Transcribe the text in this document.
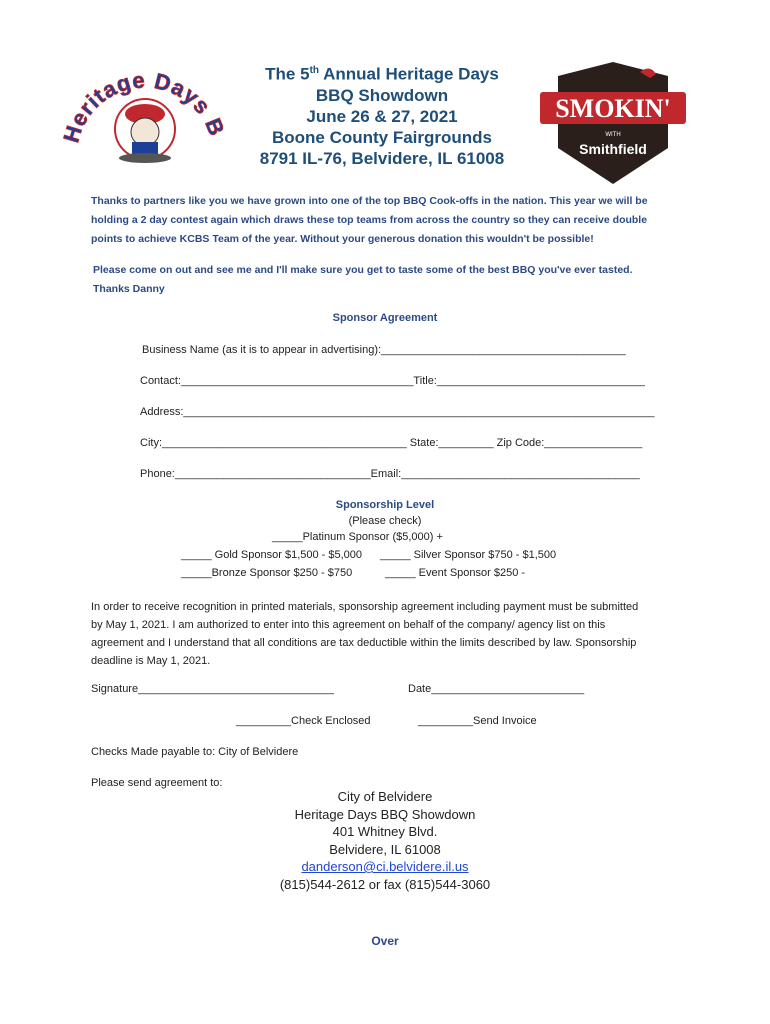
Heritage Days B
The 5th Annual Heritage Days
BBQ Showdown
June 26 & 27, 2021
Boone County Fairgrounds
8791 IL-76, Belvidere, IL 61008
SMOKIN'
WITH
Smithfield
Thanks to partners like you we have grown into one of the top BBQ Cook-offs in the nation. This year we will be
holding a 2 day contest again which draws these top teams from across the country so they can receive double
points to achieve KCBS Team of the year. Without your generous donation this wouldn't be possible!
Please come on out and see me and I'll make sure you get to taste some of the best BBQ you've ever tasted.
Thanks Danny
Sponsor Agreement
Business Name (as it is to appear in advertising):________________________________________
Contact:______________________________________Title:__________________________________
Address:_____________________________________________________________________________
City:________________________________________ State:_________ Zip Code:________________
Phone:________________________________Email:_______________________________________
Sponsorship Level
(Please check)
_____Platinum Sponsor ($5,000) +
_____ Gold Sponsor $1,500 - $5,000 _____ Silver Sponsor $750 - $1,500
_____Bronze Sponsor $250 - $750	_____ Event Sponsor $250 -
In order to receive recognition in printed materials, sponsorship agreement including payment must be submitted
by May 1, 2021. I am authorized to enter into this agreement on behalf of the company/ agency list on this
agreement and I understand that all conditions are tax deductible within the limits described by law. Sponsorship
deadline is May 1, 2021.
Signature________________________________	Date_________________________
_________Check Enclosed	_________Send Invoice
Checks Made payable to: City of Belvidere
Please send agreement to:
City of Belvidere
Heritage Days BBQ Showdown
401 Whitney Blvd.
Belvidere, IL 61008
danderson@ci.belvidere.il.us
(815)544-2612 or fax (815)544-3060
Over
